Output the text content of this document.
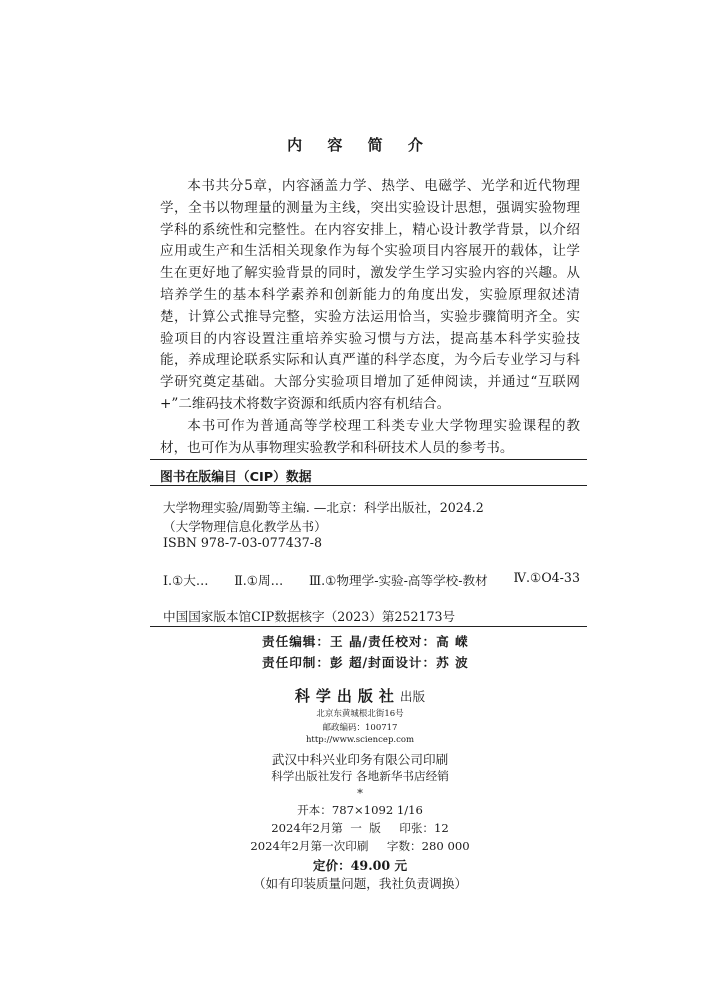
内 容 简 介

本书共分5章，内容涵盖力学、热学、电磁学、光学和近代物理学，全书以物理量的测量为主线，突出实验设计思想，强调实验物理学科的系统性和完整性。在内容安排上，精心设计教学背景，以介绍应用或生产和生活相关现象作为每个实验项目内容展开的载体，让学生在更好地了解实验背景的同时，激发学生学习实验内容的兴趣。从培养学生的基本科学素养和创新能力的角度出发，实验原理叙述清楚，计算公式推导完整，实验方法运用恰当，实验步骤简明齐全。实验项目的内容设置注重培养实验习惯与方法，提高基本科学实验技能，养成理论联系实际和认真严谨的科学态度，为今后专业学习与科学研究奠定基础。大部分实验项目增加了延伸阅读，并通过“互联网+”二维码技术将数字资源和纸质内容有机结合。

本书可作为普通高等学校理工科类专业大学物理实验课程的教材，也可作为从事物理实验教学和科研技术人员的参考书。

图书在版编目（CIP）数据
大学物理实验/周勤等主编. —北京：科学出版社，2024.2
（大学物理信息化教学丛书）
ISBN 978-7-03-077437-8
Ⅰ.①大… Ⅱ.①周… Ⅲ.①物理学-实验-高等学校-教材 Ⅳ.①O4-33
中国国家版本馆CIP数据核字（2023）第252173号
责任编辑：王 晶/责任校对：高 嵘
责任印制：彭 超/封面设计：苏 波
科学出版社出版
北京东黄城根北街16号
邮政编码：100717
http://www.sciencep.com
武汉中科兴业印务有限公司印刷
科学出版社发行 各地新华书店经销
*
开本：787×1092 1/16
2024年2月第  一  版     印张：12
2024年2月第一次印刷     字数：280 000
定价：49.00 元
（如有印装质量问题，我社负责调换）
